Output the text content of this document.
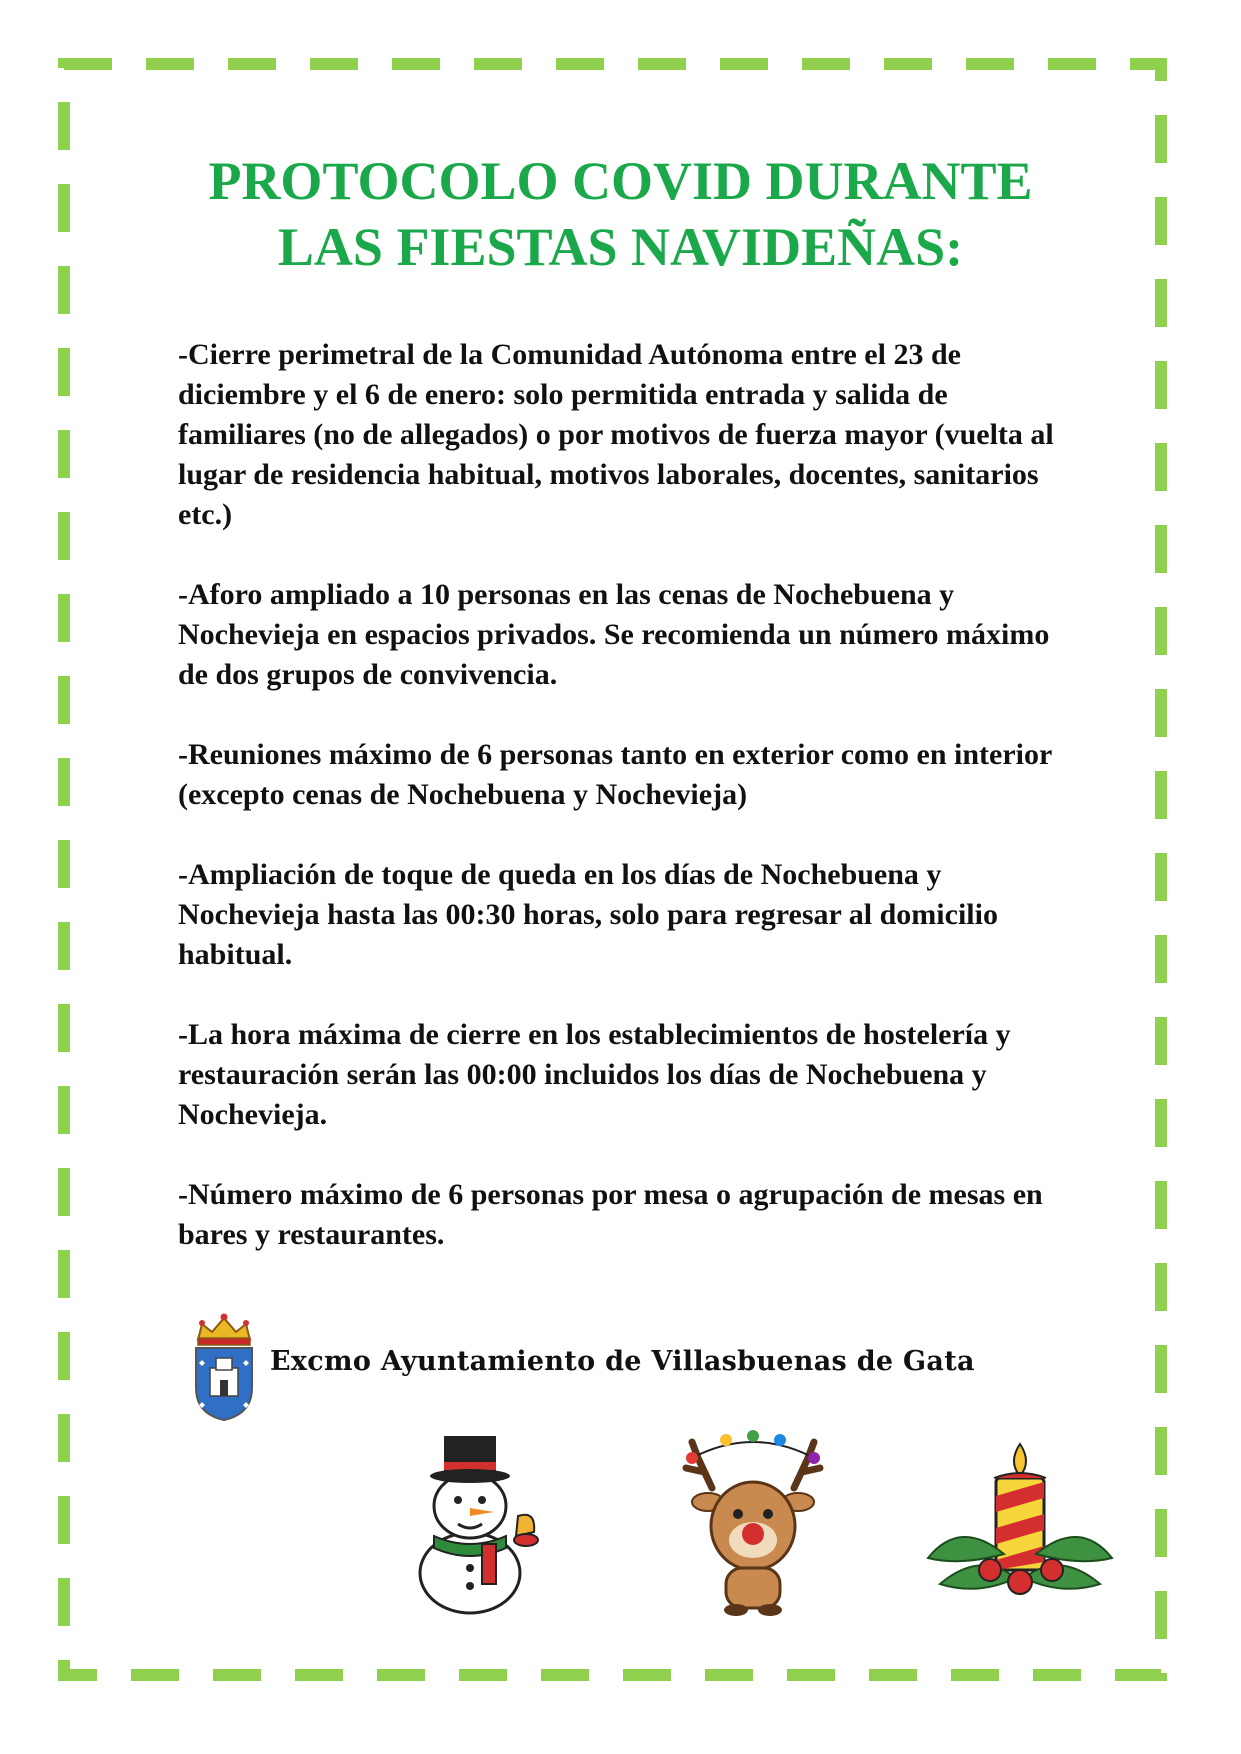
PROTOCOLO COVID DURANTE
LAS FIESTAS NAVIDEÑAS:

-Cierre perimetral de la Comunidad Autónoma entre el 23 de diciembre y el 6 de enero: solo permitida entrada y salida de familiares (no de allegados) o por motivos de fuerza mayor (vuelta al lugar de residencia habitual, motivos laborales, docentes, sanitarios etc.)

-Aforo ampliado a 10 personas en las cenas de Nochebuena y Nochevieja en espacios privados. Se recomienda un número máximo de dos grupos de convivencia.

-Reuniones máximo de 6 personas tanto en exterior como en interior (excepto cenas de Nochebuena y Nochevieja)

-Ampliación de toque de queda en los días de Nochebuena y Nochevieja hasta las 00:30 horas, solo para regresar al domicilio habitual.

-La hora máxima de cierre en los establecimientos de hostelería y restauración serán las 00:00 incluidos los días de Nochebuena y Nochevieja.

-Número máximo de 6 personas por mesa o agrupación de mesas en bares y restaurantes.

Excmo Ayuntamiento de Villasbuenas de Gata
